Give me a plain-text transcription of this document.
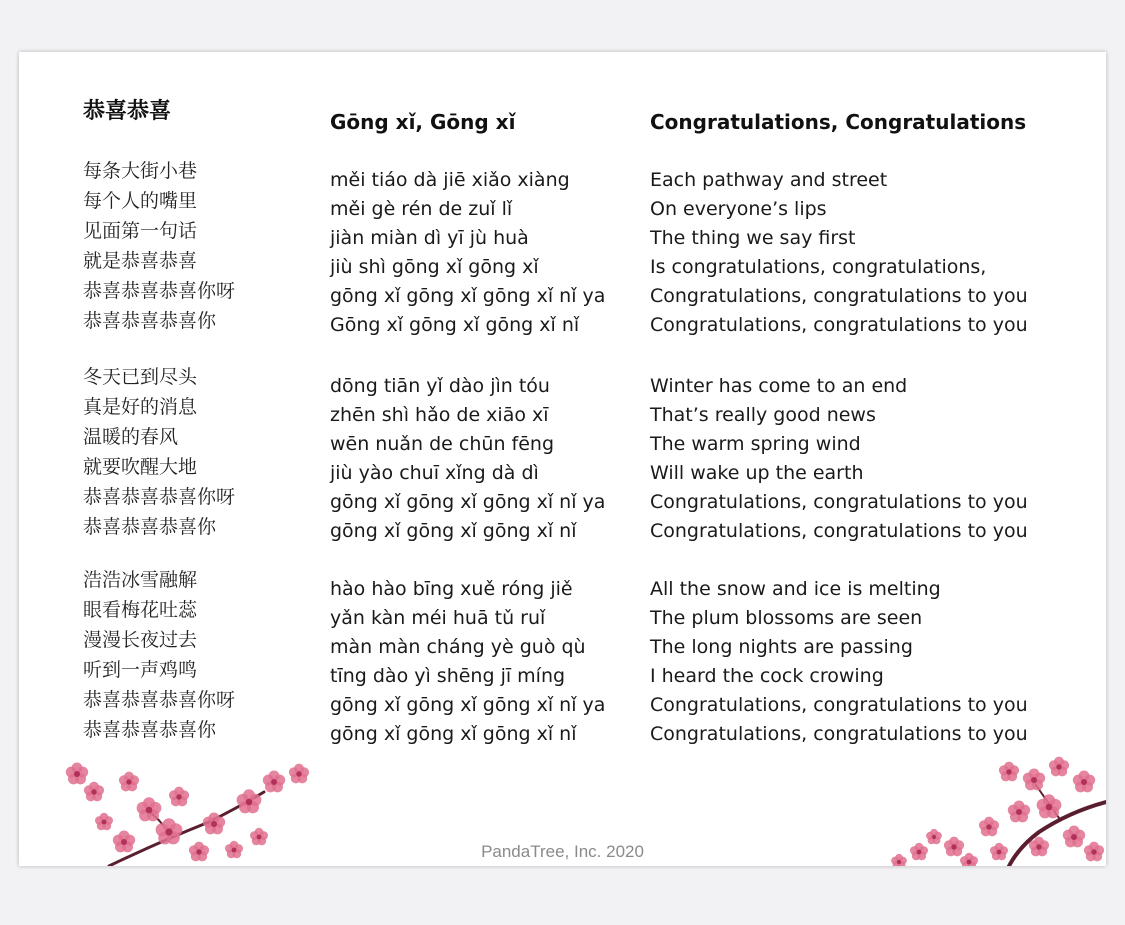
恭喜恭喜	Gōng xǐ, Gōng xǐ	Congratulations, Congratulations
每条大街小巷
每个人的嘴里
见面第一句话
就是恭喜恭喜
恭喜恭喜恭喜你呀
恭喜恭喜恭喜你
měi tiáo dà jiē xiǎo xiàng
měi gè rén de zuǐ lǐ
jiàn miàn dì yī jù huà
jiù shì gōng xǐ gōng xǐ
gōng xǐ gōng xǐ gōng xǐ nǐ ya
Gōng xǐ gōng xǐ gōng xǐ nǐ
Each pathway and street
On everyone’s lips
The thing we say first
Is congratulations, congratulations,
Congratulations, congratulations to you
Congratulations, congratulations to you
冬天已到尽头
真是好的消息
温暖的春风
就要吹醒大地
恭喜恭喜恭喜你呀
恭喜恭喜恭喜你
dōng tiān yǐ dào jìn tóu
zhēn shì hǎo de xiāo xī
wēn nuǎn de chūn fēng
jiù yào chuī xǐng dà dì
gōng xǐ gōng xǐ gōng xǐ nǐ ya
gōng xǐ gōng xǐ gōng xǐ nǐ
Winter has come to an end
That’s really good news
The warm spring wind
Will wake up the earth
Congratulations, congratulations to you
Congratulations, congratulations to you
浩浩冰雪融解
眼看梅花吐蕊
漫漫长夜过去
听到一声鸡鸣
恭喜恭喜恭喜你呀
恭喜恭喜恭喜你
hào hào bīng xuě róng jiě
yǎn kàn méi huā tǔ ruǐ
màn màn cháng yè guò qù
tīng dào yì shēng jī míng
gōng xǐ gōng xǐ gōng xǐ nǐ ya
gōng xǐ gōng xǐ gōng xǐ nǐ
All the snow and ice is melting
The plum blossoms are seen
The long nights are passing
I heard the cock crowing
Congratulations, congratulations to you
Congratulations, congratulations to you
PandaTree, Inc. 2020
